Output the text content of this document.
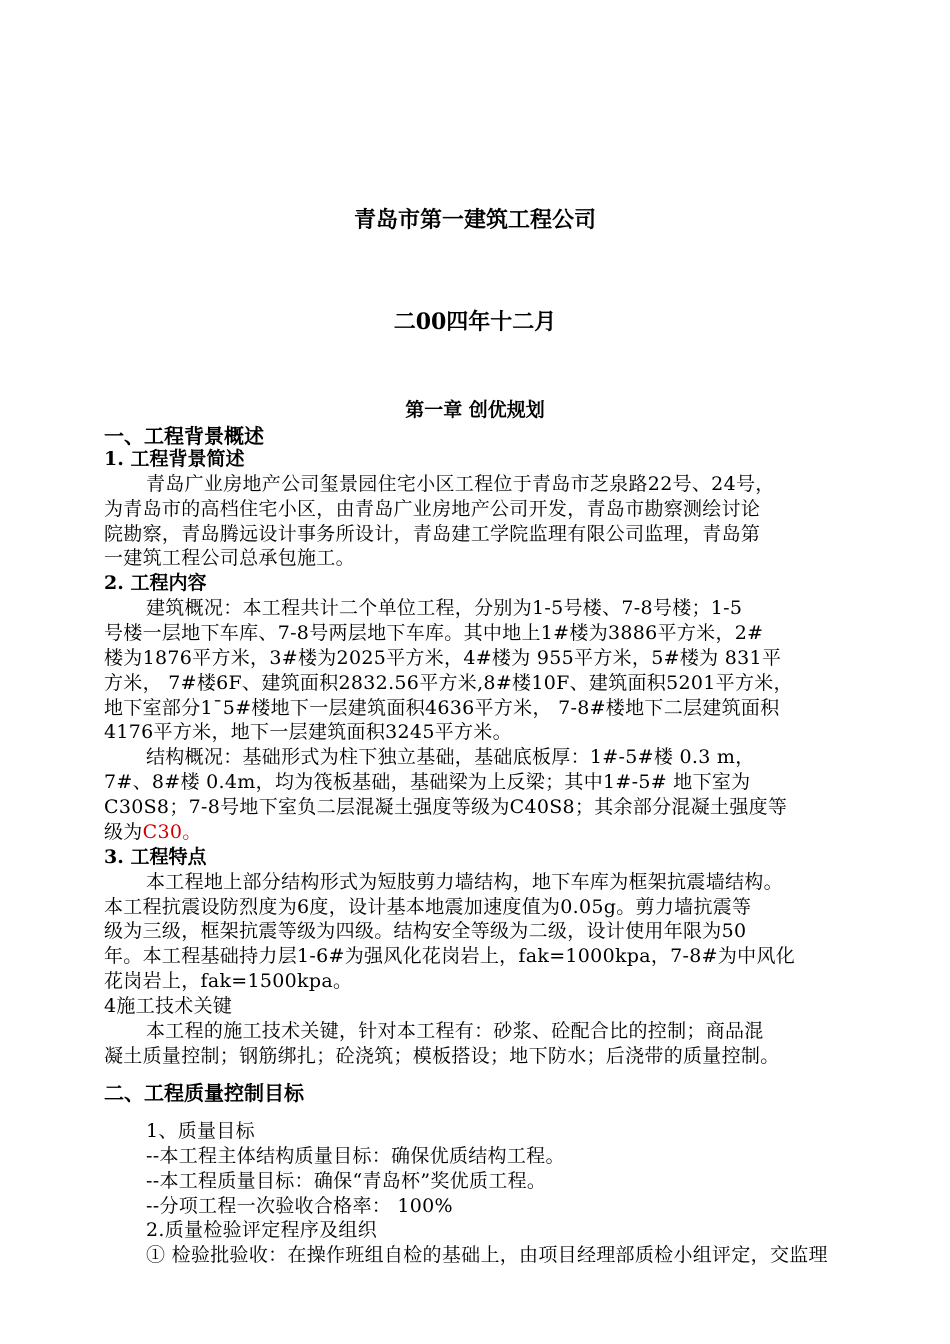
青岛市第一建筑工程公司
二00四年十二月
第一章 创优规划
一、工程背景概述
1. 工程背景简述
青岛广业房地产公司玺景园住宅小区工程位于青岛市芝泉路22号、24号，
为青岛市的高档住宅小区，由青岛广业房地产公司开发，青岛市勘察测绘讨论
院勘察，青岛腾远设计事务所设计，青岛建工学院监理有限公司监理，青岛第
一建筑工程公司总承包施工。
2. 工程内容
建筑概况：本工程共计二个单位工程，分别为1-5号楼、7-8号楼；1-5
号楼一层地下车库、7-8号两层地下车库。其中地上1#楼为3886平方米，2#
楼为1876平方米，3#楼为2025平方米，4#楼为 955平方米，5#楼为 831平
方米， 7#楼6F、建筑面积2832.56平方米,8#楼10F、建筑面积5201平方米，
地下室部分1¯5#楼地下一层建筑面积4636平方米， 7-8#楼地下二层建筑面积
4176平方米，地下一层建筑面积3245平方米。
结构概况：基础形式为柱下独立基础，基础底板厚：1#-5#楼 0.3 m，
7#、8#楼 0.4m，均为筏板基础，基础梁为上反梁；其中1#-5# 地下室为
C30S8；7-8号地下室负二层混凝土强度等级为C40S8；其余部分混凝土强度等
级为C30。
3. 工程特点
本工程地上部分结构形式为短肢剪力墙结构，地下车库为框架抗震墙结构。
本工程抗震设防烈度为6度，设计基本地震加速度值为0.05g。剪力墙抗震等
级为三级，框架抗震等级为四级。结构安全等级为二级，设计使用年限为50
年。本工程基础持力层1-6#为强风化花岗岩上，fak=1000kpa，7-8#为中风化
花岗岩上，fak=1500kpa。
4施工技术关键
本工程的施工技术关键，针对本工程有：砂浆、砼配合比的控制；商品混
凝土质量控制；钢筋绑扎；砼浇筑；模板搭设；地下防水；后浇带的质量控制。
二、工程质量控制目标
1、质量目标
--本工程主体结构质量目标：确保优质结构工程。
--本工程质量目标：确保“青岛杯”奖优质工程。
--分项工程一次验收合格率： 100%
2.质量检验评定程序及组织
① 检验批验收：在操作班组自检的基础上，由项目经理部质检小组评定，交监理
